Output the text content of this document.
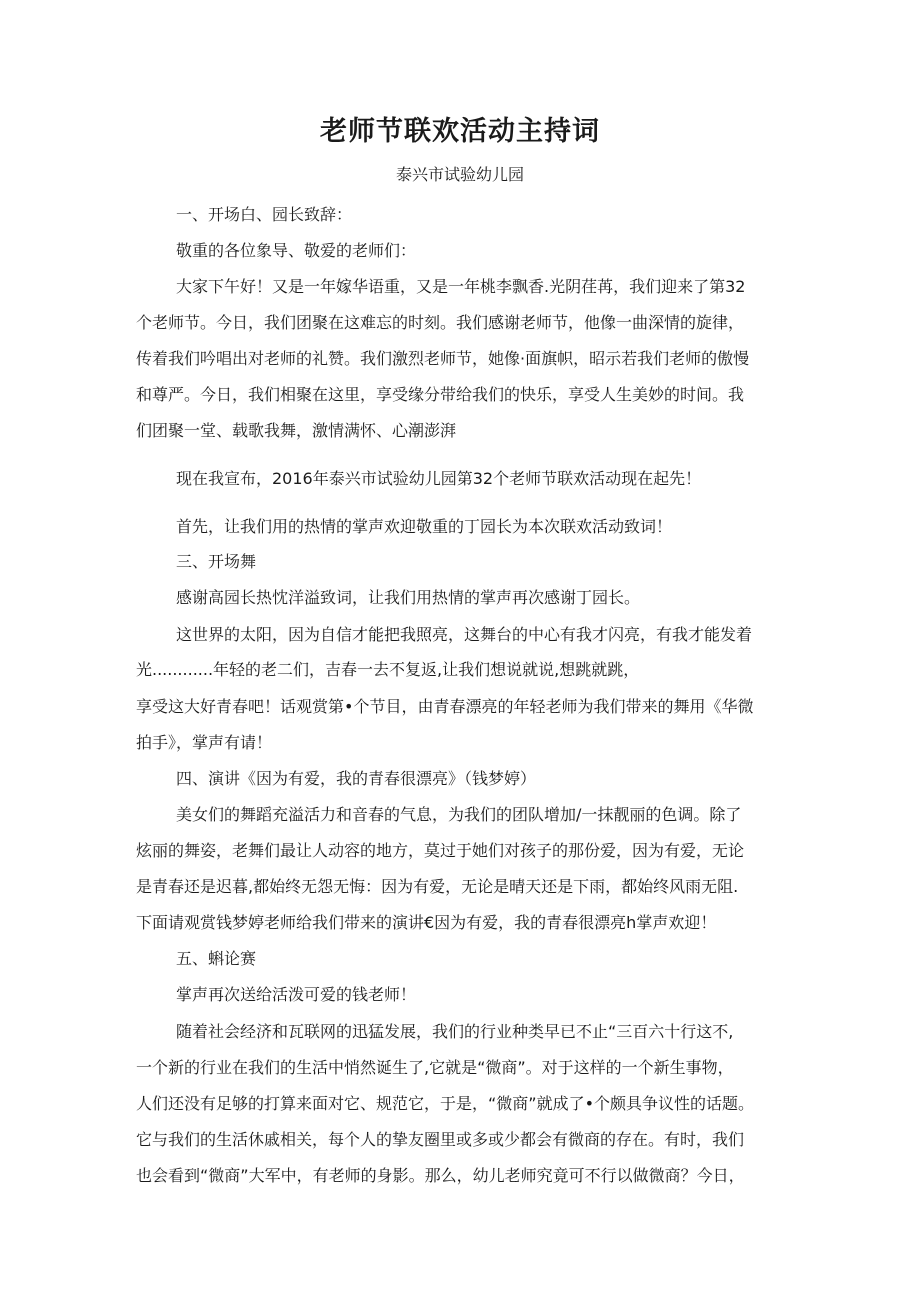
老师节联欢活动主持词
泰兴市试验幼儿园

一、开场白、园长致辞：

敬重的各位象导、敬爱的老师们：

大家下午好！又是一年嫁华语重，又是一年桃李飘香.光阴荏苒，我们迎来了第32

个老师节。今日，我们团聚在这难忘的时刻。我们感谢老师节，他像一曲深情的旋律，

传着我们吟唱出对老师的礼赞。我们激烈老师节，她像·面旗帜，昭示若我们老师的傲慢

和尊严。今日，我们相聚在这里，享受缘分带给我们的快乐，享受人生美妙的时间。我

们团聚一堂、载歌我舞，激情满怀、心潮澎湃

现在我宣布，2016年泰兴市试验幼儿园第32个老师节联欢活动现在起先！

首先，让我们用的热情的掌声欢迎敬重的丁园长为本次联欢活动致词！

三、开场舞

感谢高园长热忱洋溢致词，让我们用热情的掌声再次感谢丁园长。

这世界的太阳，因为自信才能把我照亮，这舞台的中心有我才闪亮，有我才能发着

光............年轻的老二们，吉春一去不复返,让我们想说就说,想跳就跳，

享受这大好青春吧！话观赏第•个节目，由青春漂亮的年轻老师为我们带来的舞用《华微

拍手》，掌声有请！

四、演讲《因为有爱，我的青春很漂亮》（钱梦婷）

美女们的舞蹈充溢活力和音春的气息，为我们的团队增加/一抹靓丽的色调。除了

炫丽的舞姿，老舞们最让人动容的地方，莫过于她们对孩子的那份爱，因为有爱，无论

是青春还是迟暮,都始终无怨无悔：因为有爱，无论是晴天还是下雨，都始终风雨无阻.

下面请观赏钱梦婷老师给我们带来的演讲€因为有爱，我的青春很漂亮h掌声欢迎！

五、蝌论赛

掌声再次送给活泼可爱的钱老师！

随着社会经济和瓦联网的迅猛发展，我们的行业种类早已不止“三百六十行这不,

一个新的行业在我们的生活中悄然诞生了,它就是“微商”。对于这样的一个新生事物，

人们还没有足够的打算来面对它、规范它，于是，“微商”就成了•个颇具争议性的话题。

它与我们的生活休戚相关，每个人的挚友圈里或多或少都会有微商的存在。有时，我们

也会看到“微商”大军中，有老师的身影。那么，幼儿老师究竟可不行以做微商？今日，
